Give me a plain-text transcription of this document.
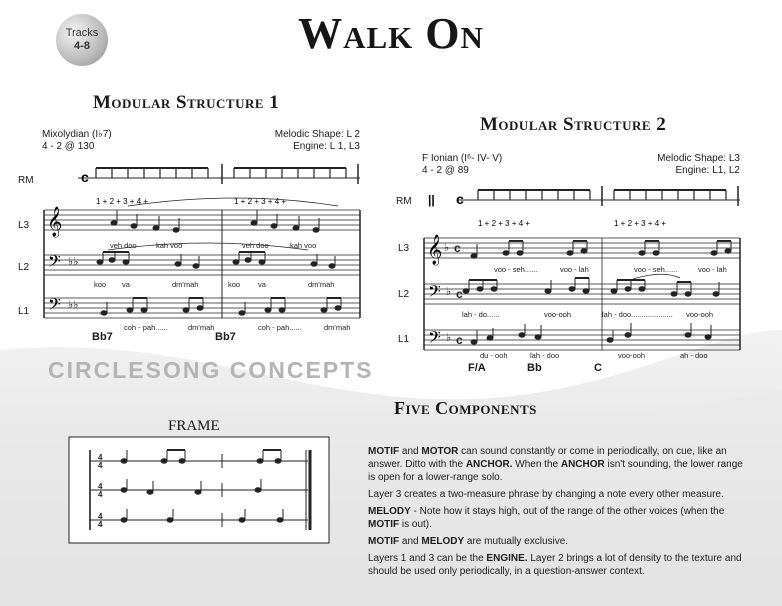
Tracks
4-8	Walk On
Modular Structure 1
Mixolydian (I♭7)
4 - 2 @ 130
Melodic Shape: L 2
Engine: L 1, L3
RM
L3
L2
L1
c
1 + 2 + 3 + 4 +	1 + 2 + 3 + 4 +
𝄞
𝄢
𝄢
♭♭
♭♭
veh doo	kah voo	veh doo	kah voo
koo va	dm'mah	koo va	dm'mah
coh - pah......	dm'mah	coh - pah......	dm'mah
Bb7	Bb7
Modular Structure 2
F Ionian (I⁶- IV- V)
4 - 2 @ 89
Melodic Shape: L3
Engine: L1, L2
RM
L3
L2
L1
|| c
1 + 2 + 3 + 4 +	1 + 2 + 3 + 4 +
𝄞
𝄢
𝄢
♭
♭
♭
c
c
c
voo - seh......	voo - lah	voo - seh......	voo - lah
lah - do......	voo-ooh	lah - doo.................... voo-ooh
du - ooh	lah - doo	voo-ooh	ah - doo
F/A	Bb	C
CIRCLESONG CONCEPTS
FRAME
4
4
4
4
4
4
Five Components

MOTIF and MOTOR can sound constantly or come in periodically, on cue, like an answer. Ditto with the ANCHOR. When the ANCHOR isn't sounding, the lower range is open for a lower-range solo.

Layer 3 creates a two-measure phrase by changing a note every other measure.

MELODY - Note how it stays high, out of the range of the other voices (when the MOTIF is out).

MOTIF and MELODY are mutually exclusive.

Layers 1 and 3 can be the ENGINE. Layer 2 brings a lot of density to the texture and should be used only periodically, in a question-answer context.
